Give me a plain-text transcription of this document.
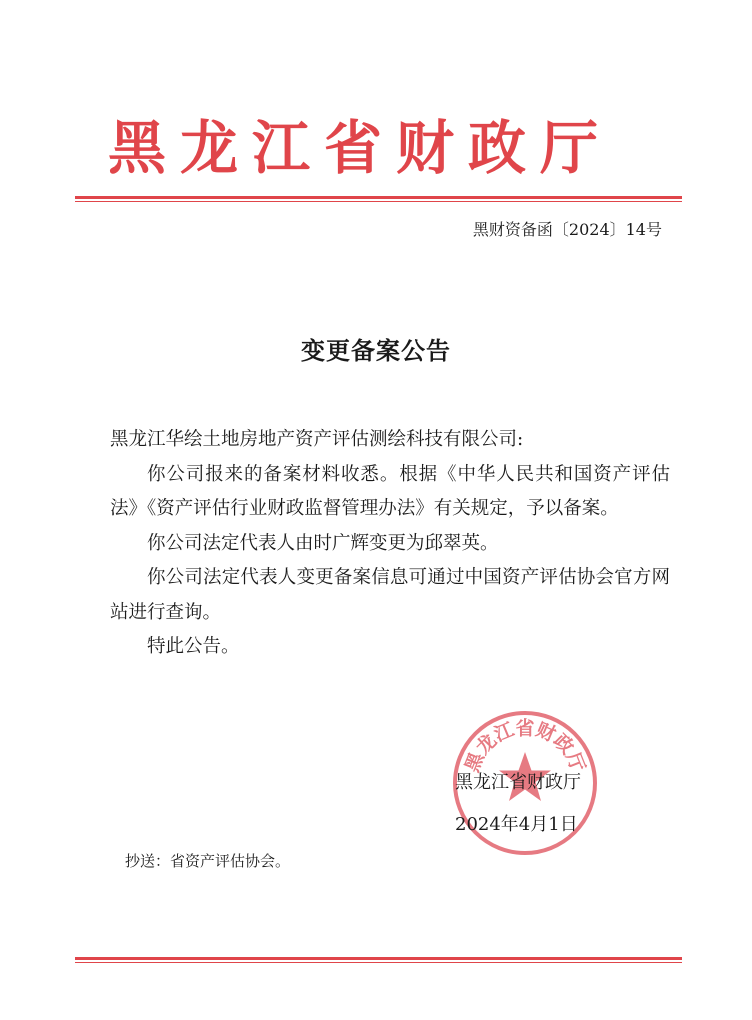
黑龙江省财政厅
黑财资备函〔2024〕14号
变更备案公告

黑龙江华绘土地房地产资产评估测绘科技有限公司:

你公司报来的备案材料收悉。根据《中华人民共和国资产评估法》《资产评估行业财政监督管理办法》有关规定，予以备案。

你公司法定代表人由时广辉变更为邱翠英。

你公司法定代表人变更备案信息可通过中国资产评估协会官方网站进行查询。

特此公告。

黑龙江省财政厅
黑龙江省财政厅
2024年4月1日
抄送：省资产评估协会。
